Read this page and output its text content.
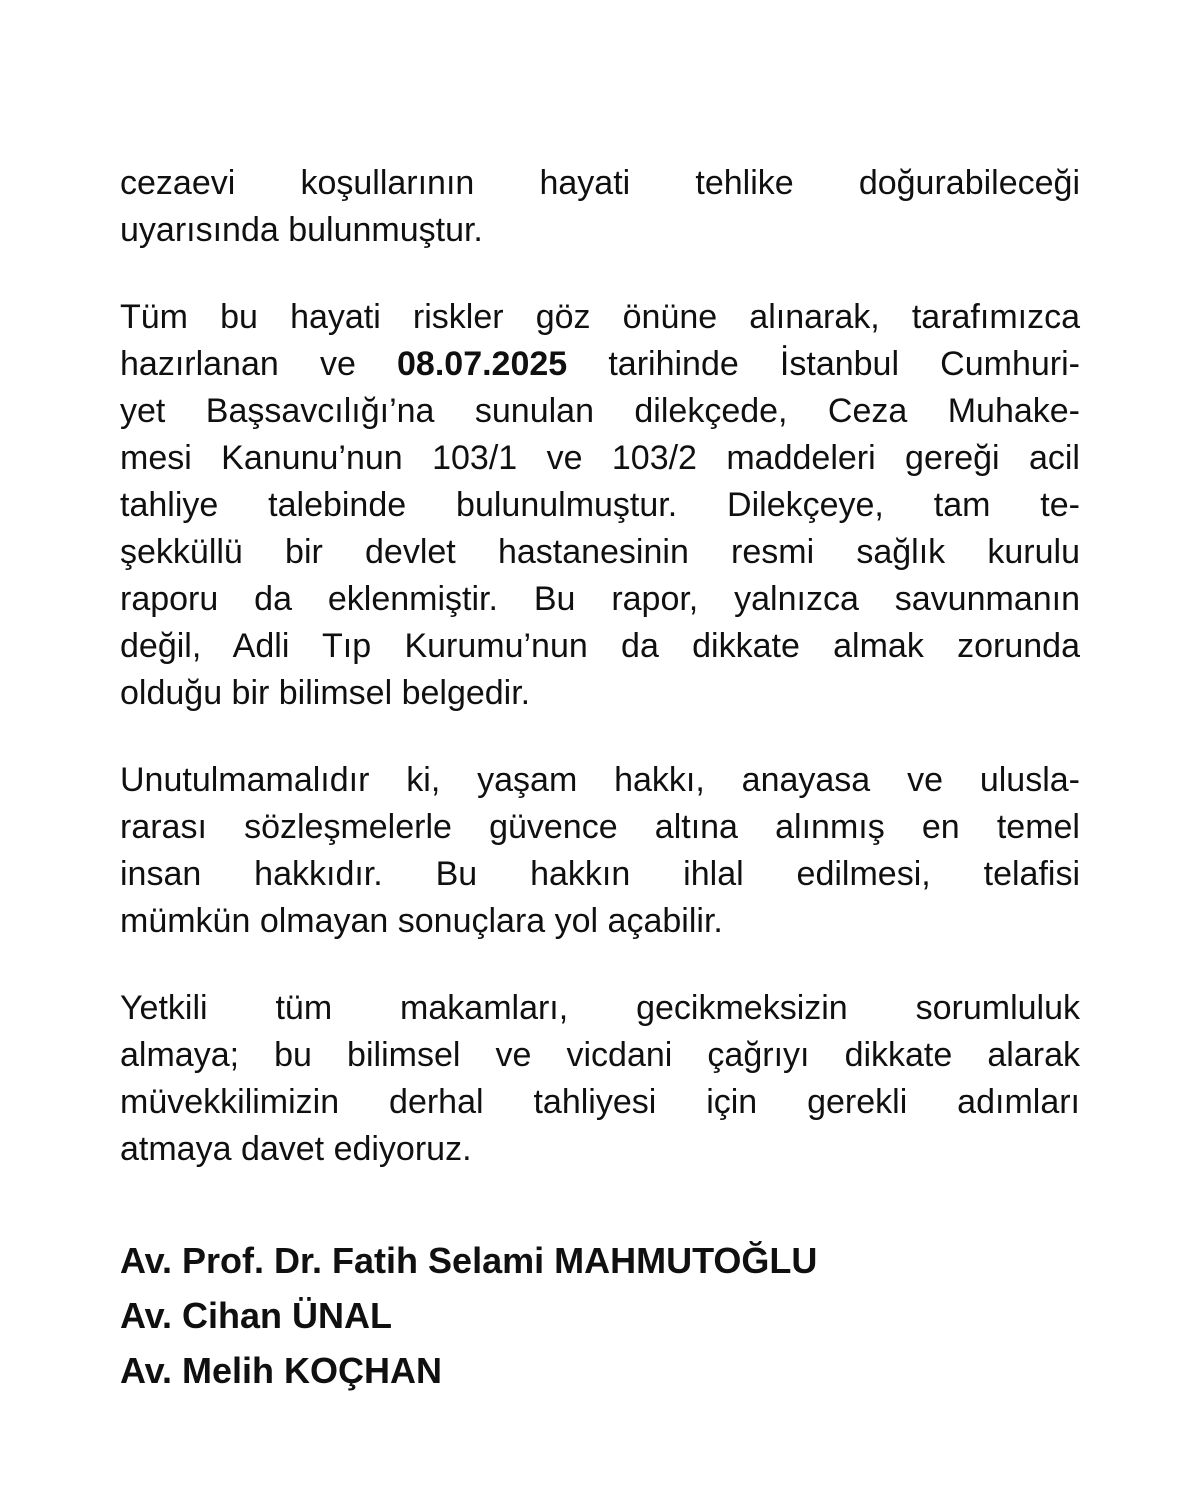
cezaevi koşullarının hayati tehlike doğurabileceği
uyarısında bulunmuştur.

Tüm bu hayati riskler göz önüne alınarak, tarafımızca
hazırlanan ve 08.07.2025 tarihinde İstanbul Cumhuri-
yet Başsavcılığı’na sunulan dilekçede, Ceza Muhake-
mesi Kanunu’nun 103/1 ve 103/2 maddeleri gereği acil
tahliye talebinde bulunulmuştur. Dilekçeye, tam te-
şekküllü bir devlet hastanesinin resmi sağlık kurulu
raporu da eklenmiştir. Bu rapor, yalnızca savunmanın
değil, Adli Tıp Kurumu’nun da dikkate almak zorunda
olduğu bir bilimsel belgedir.

Unutulmamalıdır ki, yaşam hakkı, anayasa ve ulusla-
rarası sözleşmelerle güvence altına alınmış en temel
insan hakkıdır. Bu hakkın ihlal edilmesi, telafisi
mümkün olmayan sonuçlara yol açabilir.

Yetkili tüm makamları, gecikmeksizin sorumluluk
almaya; bu bilimsel ve vicdani çağrıyı dikkate alarak
müvekkilimizin derhal tahliyesi için gerekli adımları
atmaya davet ediyoruz.

Av. Prof. Dr. Fatih Selami MAHMUTOĞLU
Av. Cihan ÜNAL
Av. Melih KOÇHAN
